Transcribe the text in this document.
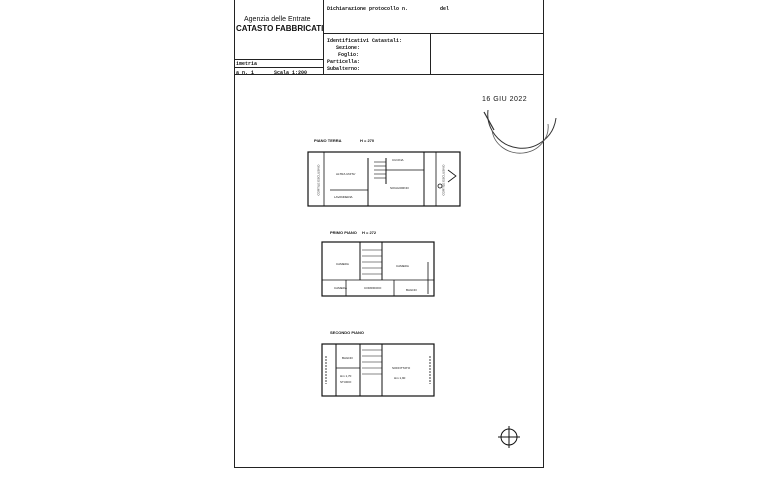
Agenzia delle Entrate
CATASTO FABBRICATI
Dichiarazione protocollo n.	del
Identificativi Catastali:
Sezione:
Foglio:
Particella:
Subalterno:
imetria
a n. 1	Scala 1:200
16 GIU 2022
PIANO TERRA	H = 270
PRIMO PIANO H = 272
SECONDO PIANO
ALTRA UNITA'
CUCINA
SOGGIORNO
LAVANDERIA
CORTILE ESCLUSIVO	CORTILE ESCLUSIVO
CAMERA
CAMERA
CAMERA
CORRIDOIO	BAGNO
BAGNO
SOFFITTATO
STUDIO
Hm 1,70	Hm 1,90
